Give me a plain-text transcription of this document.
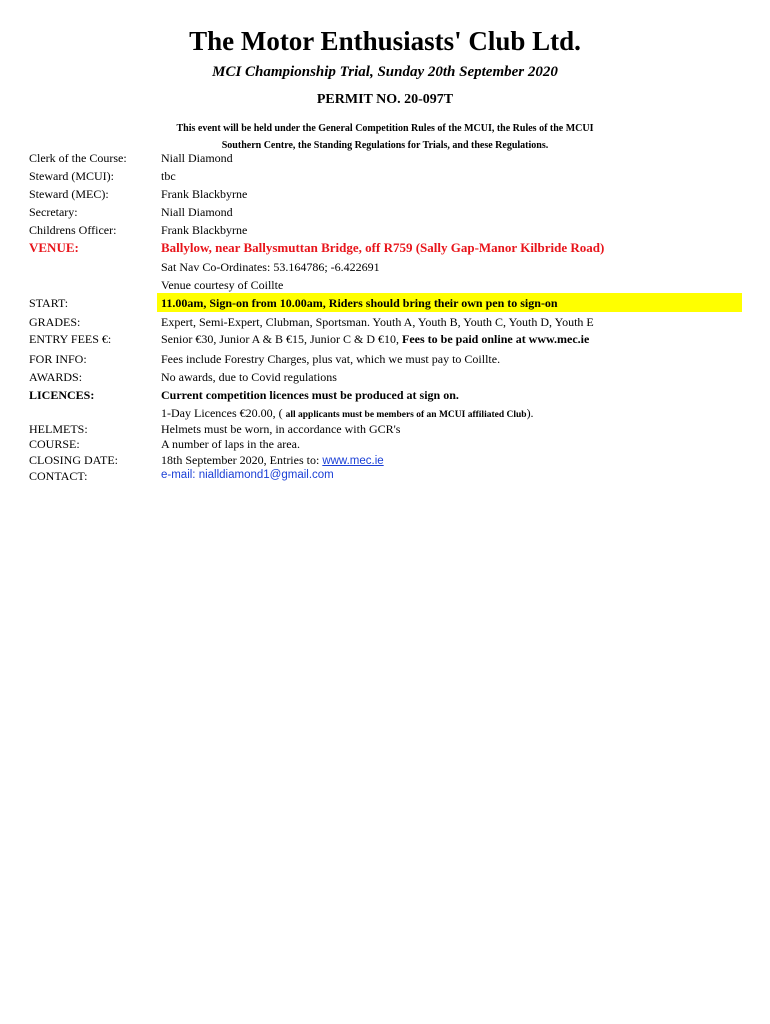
The Motor Enthusiasts' Club Ltd.
MCI Championship Trial, Sunday 20th September 2020
PERMIT NO. 20-097T
This event will be held under the General Competition Rules of the MCUI, the Rules of the MCUI
Southern Centre, the Standing Regulations for Trials, and these Regulations.
Clerk of the Course:	Niall Diamond
Steward (MCUI):	tbc
Steward (MEC):	Frank Blackbyrne
Secretary:	Niall Diamond
Childrens Officer:	Frank Blackbyrne
VENUE:	Ballylow, near Ballysmuttan Bridge, off R759 (Sally Gap-Manor Kilbride Road)
Sat Nav Co-Ordinates: 53.164786; -6.422691
Venue courtesy of Coillte
START:	11.00am, Sign-on from 10.00am, Riders should bring their own pen to sign-on
GRADES:	Expert, Semi-Expert, Clubman, Sportsman. Youth A, Youth B, Youth C, Youth D, Youth E
ENTRY FEES €:	Senior €30, Junior A & B €15, Junior C & D €10, Fees to be paid online at www.mec.ie
FOR INFO:	Fees include Forestry Charges, plus vat, which we must pay to Coillte.
AWARDS:	No awards, due to Covid regulations
LICENCES:	Current competition licences must be produced at sign on.
1-Day Licences €20.00, ( all applicants must be members of an MCUI affiliated Club).
HELMETS:	Helmets must be worn, in accordance with GCR's
COURSE:	A number of laps in the area.
CLOSING DATE:	18th September 2020, Entries to: www.mec.ie
CONTACT:	e-mail: nialldiamond1@gmail.com
